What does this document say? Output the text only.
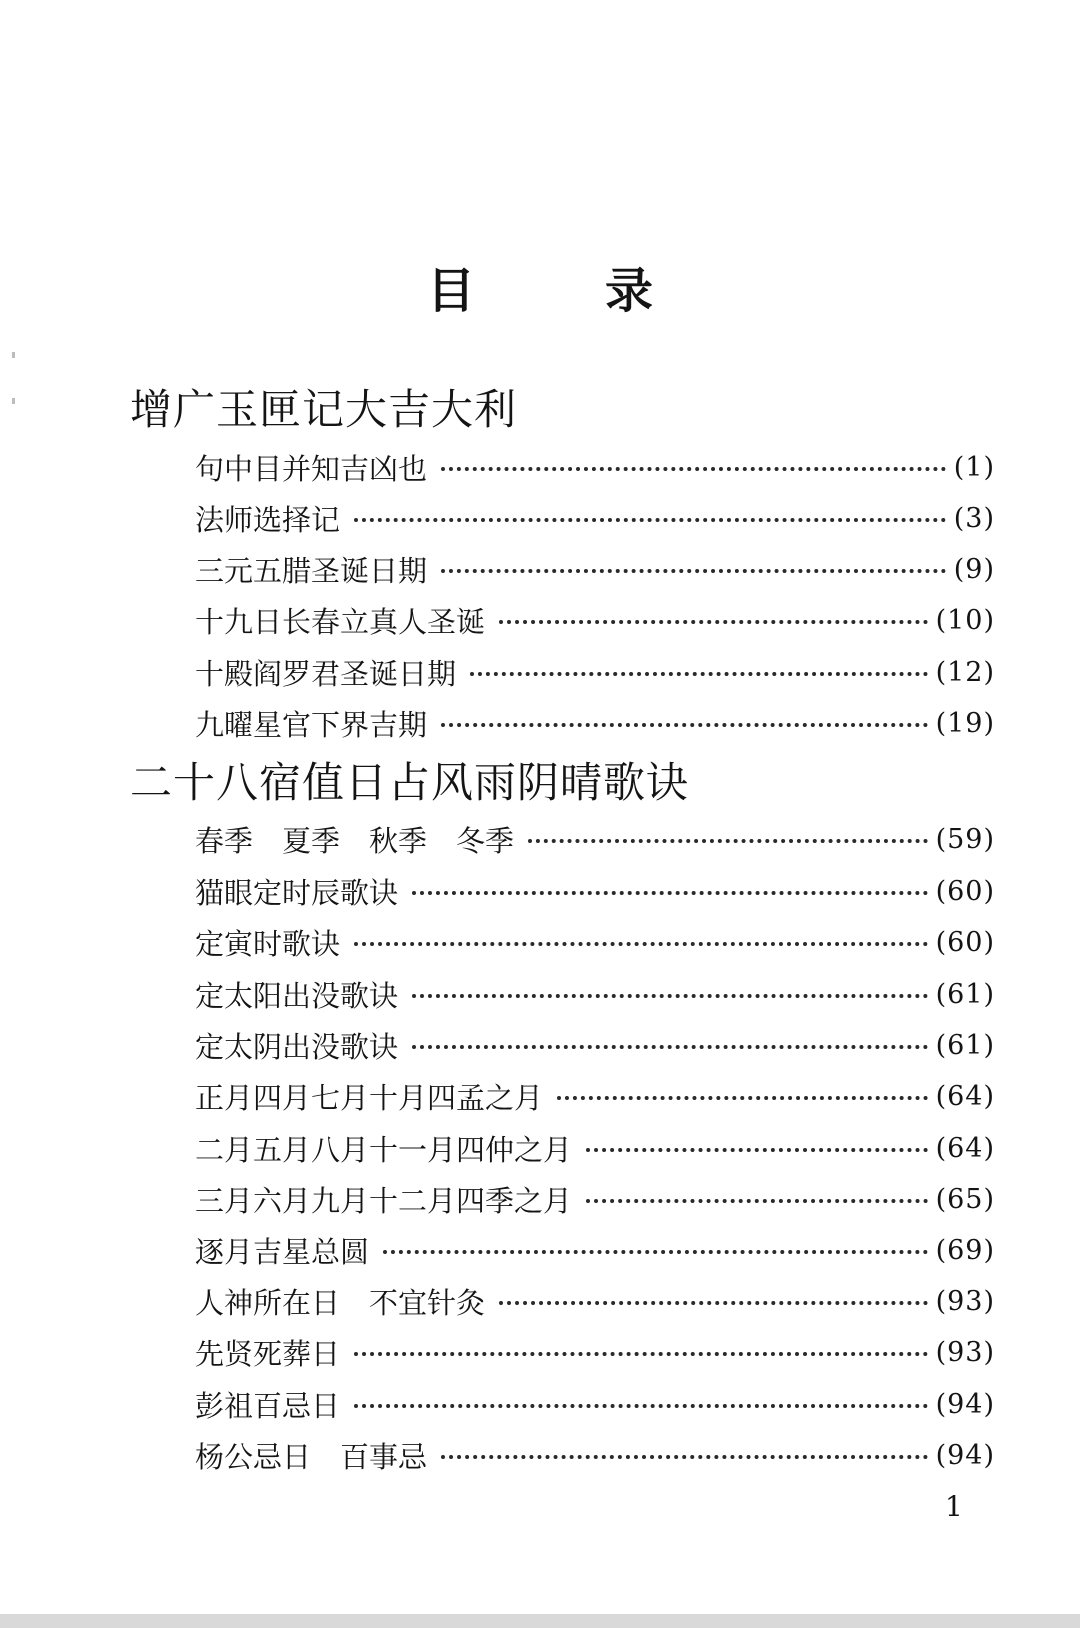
目	录
增广玉匣记大吉大利
句中目并知吉凶也	(1)
法师选择记	(3)
三元五腊圣诞日期	(9)
十九日长春立真人圣诞	(10)
十殿阎罗君圣诞日期	(12)
九曜星官下界吉期	(19)
二十八宿值日占风雨阴晴歌诀
春季　夏季　秋季　冬季	(59)
猫眼定时辰歌诀	(60)
定寅时歌诀	(60)
定太阳出没歌诀	(61)
定太阴出没歌诀	(61)
正月四月七月十月四孟之月	(64)
二月五月八月十一月四仲之月	(64)
三月六月九月十二月四季之月	(65)
逐月吉星总圆	(69)
人神所在日　不宜针灸	(93)
先贤死葬日	(93)
彭祖百忌日	(94)
杨公忌日　百事忌	(94)
1
